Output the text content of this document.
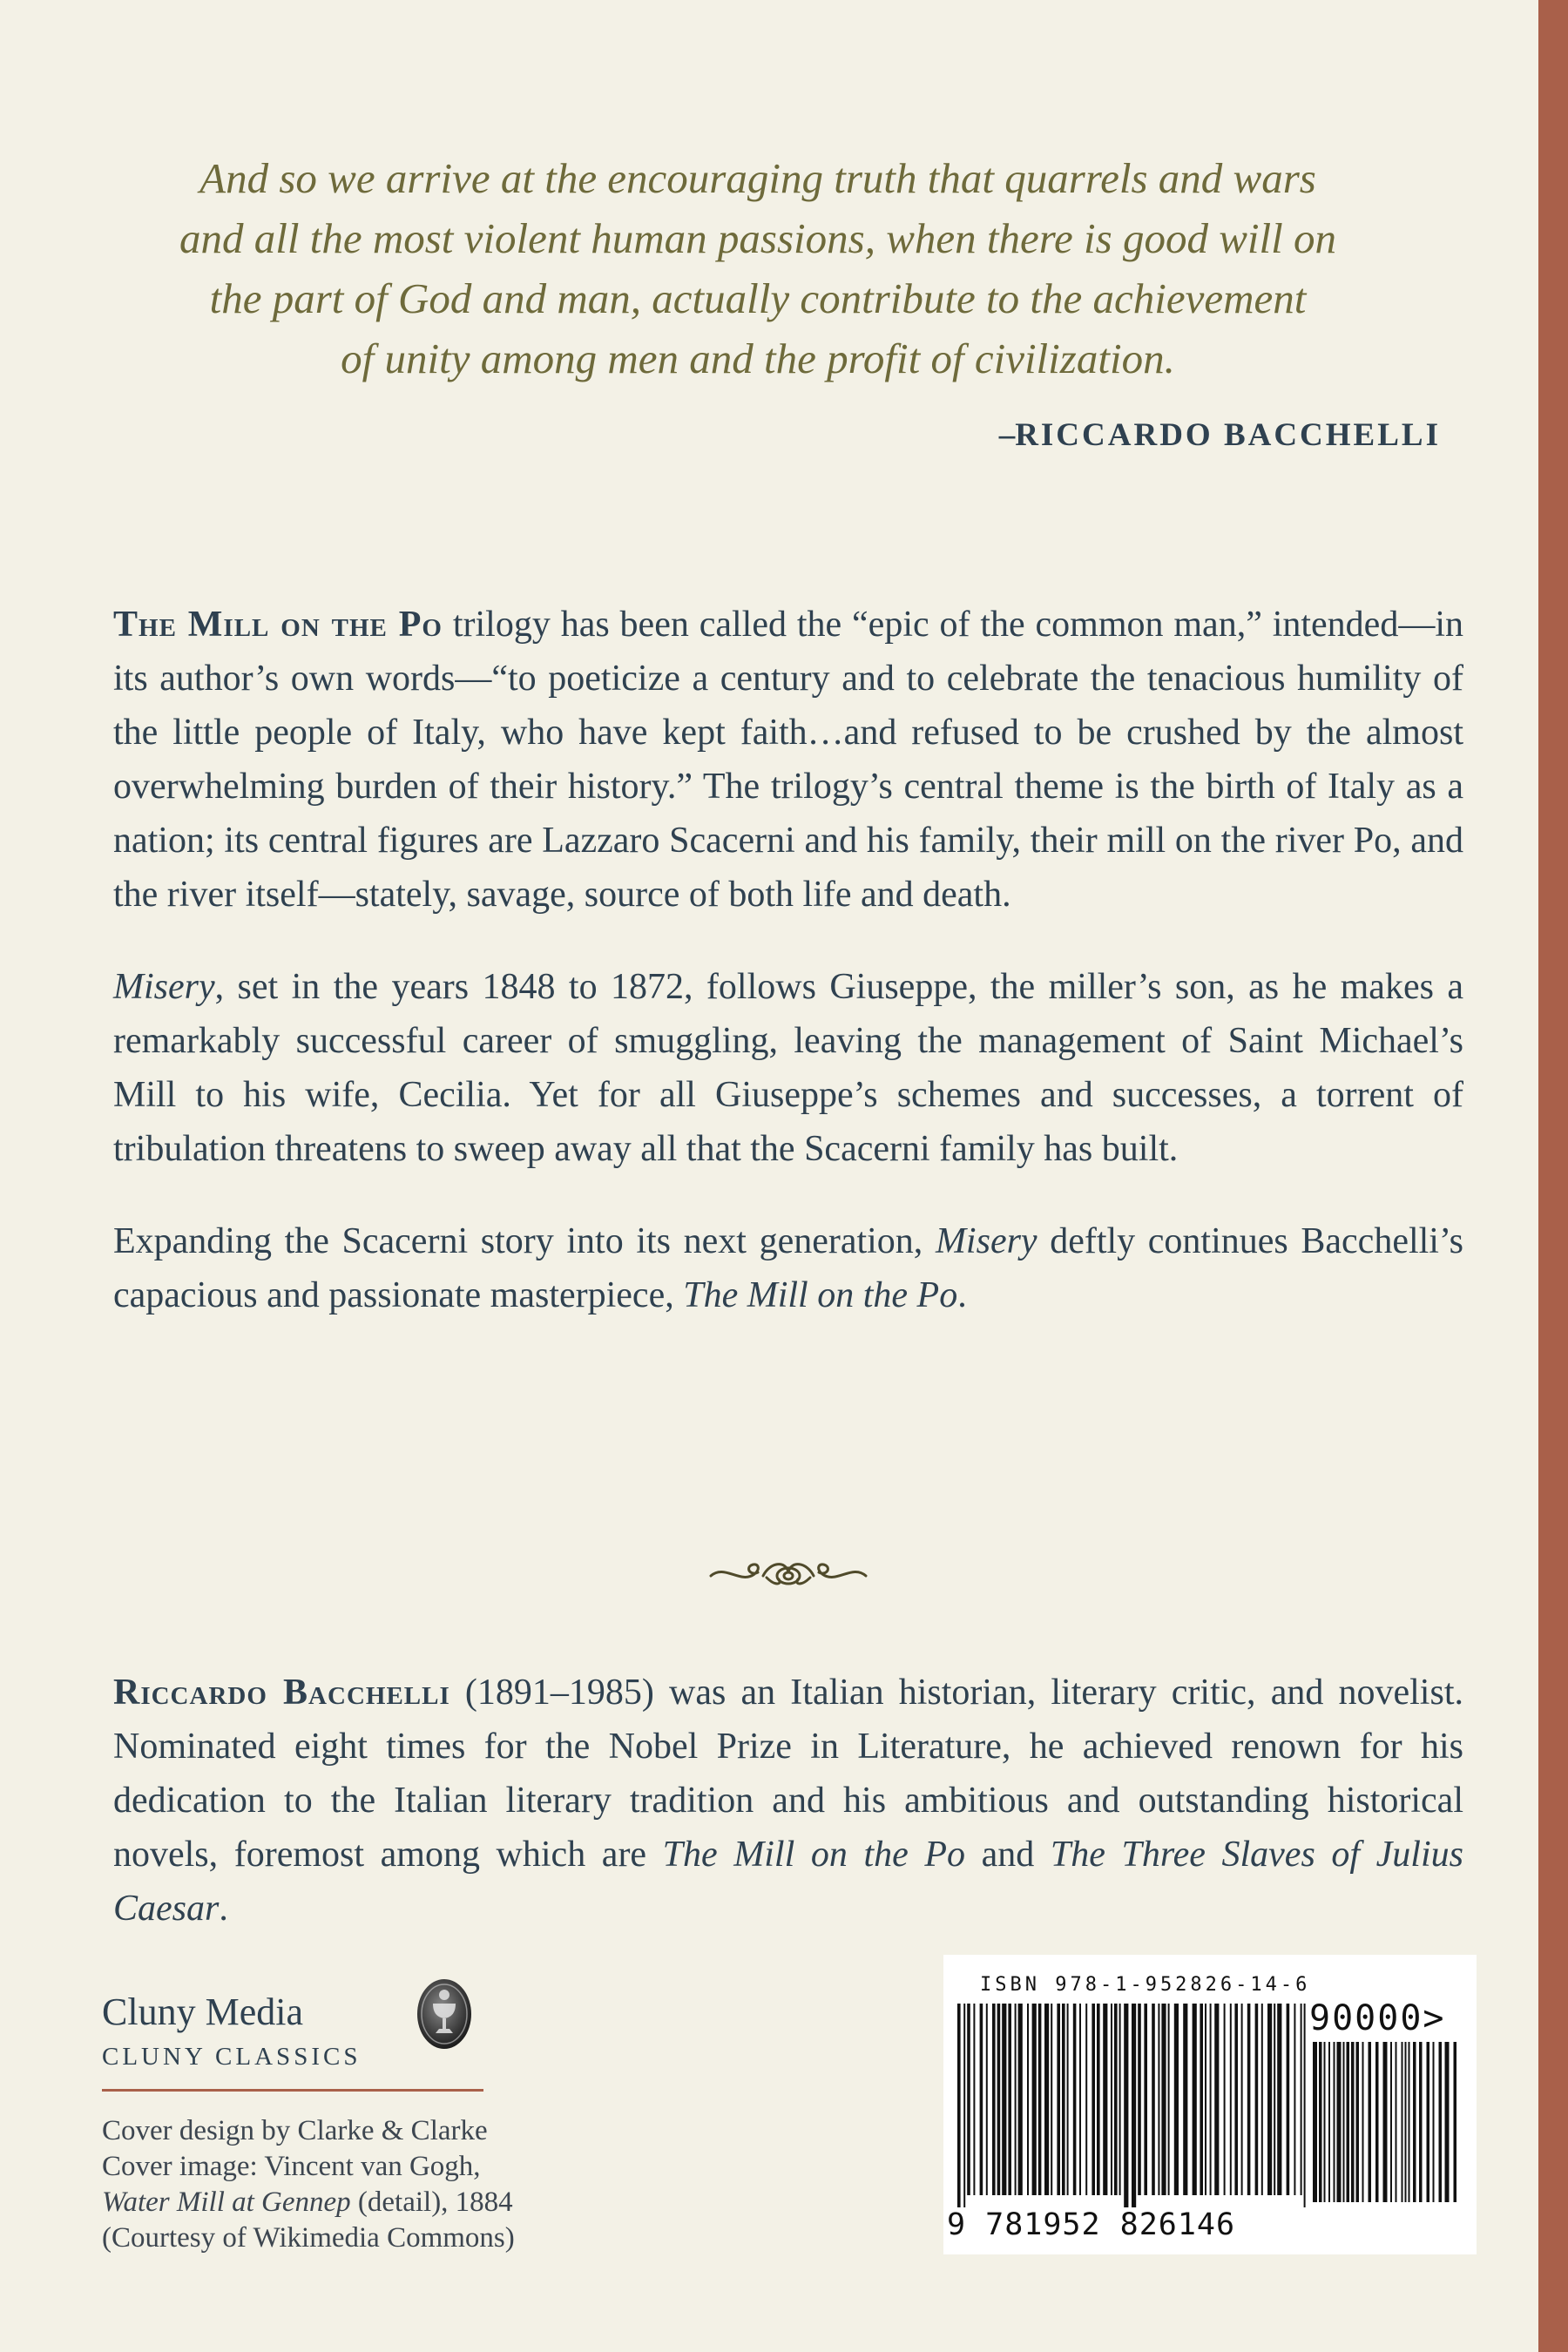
And so we arrive at the encouraging truth that quarrels and wars

and all the most violent human passions, when there is good will on

the part of God and man, actually contribute to the achievement

of unity among men and the profit of civilization.

–RICCARDO BACCHELLI

The Mill on the Po trilogy has been called the “epic of the common man,” intended—in its author’s own words—“to poeticize a century and to celebrate the tenacious humility of the little people of Italy, who have kept faith…and refused to be crushed by the almost overwhelming burden of their history.” The trilogy’s central theme is the birth of Italy as a nation; its central figures are Lazzaro Scacerni and his family, their mill on the river Po, and the river itself—stately, savage, source of both life and death.

Misery, set in the years 1848 to 1872, follows Giuseppe, the miller’s son, as he makes a remarkably successful career of smuggling, leaving the management of Saint Michael’s Mill to his wife, Cecilia. Yet for all Giuseppe’s schemes and successes, a torrent of tribulation threatens to sweep away all that the Scacerni family has built.

Expanding the Scacerni story into its next generation, Misery deftly continues Bacchelli’s capacious and passionate masterpiece, The Mill on the Po.

Riccardo Bacchelli (1891–1985) was an Italian historian, literary critic, and novelist. Nominated eight times for the Nobel Prize in Literature, he achieved renown for his dedication to the Italian literary tradition and his ambitious and outstanding historical novels, foremost among which are The Mill on the Po and The Three Slaves of Julius Caesar.

Cluny Media
CLUNY CLASSICS
Cover design by Clarke & Clarke
Cover image: Vincent van Gogh, Water Mill at Gennep (detail), 1884
(Courtesy of Wikimedia Commons)
ISBN 978-1-952826-14-6
90000>
9 781952 826146
